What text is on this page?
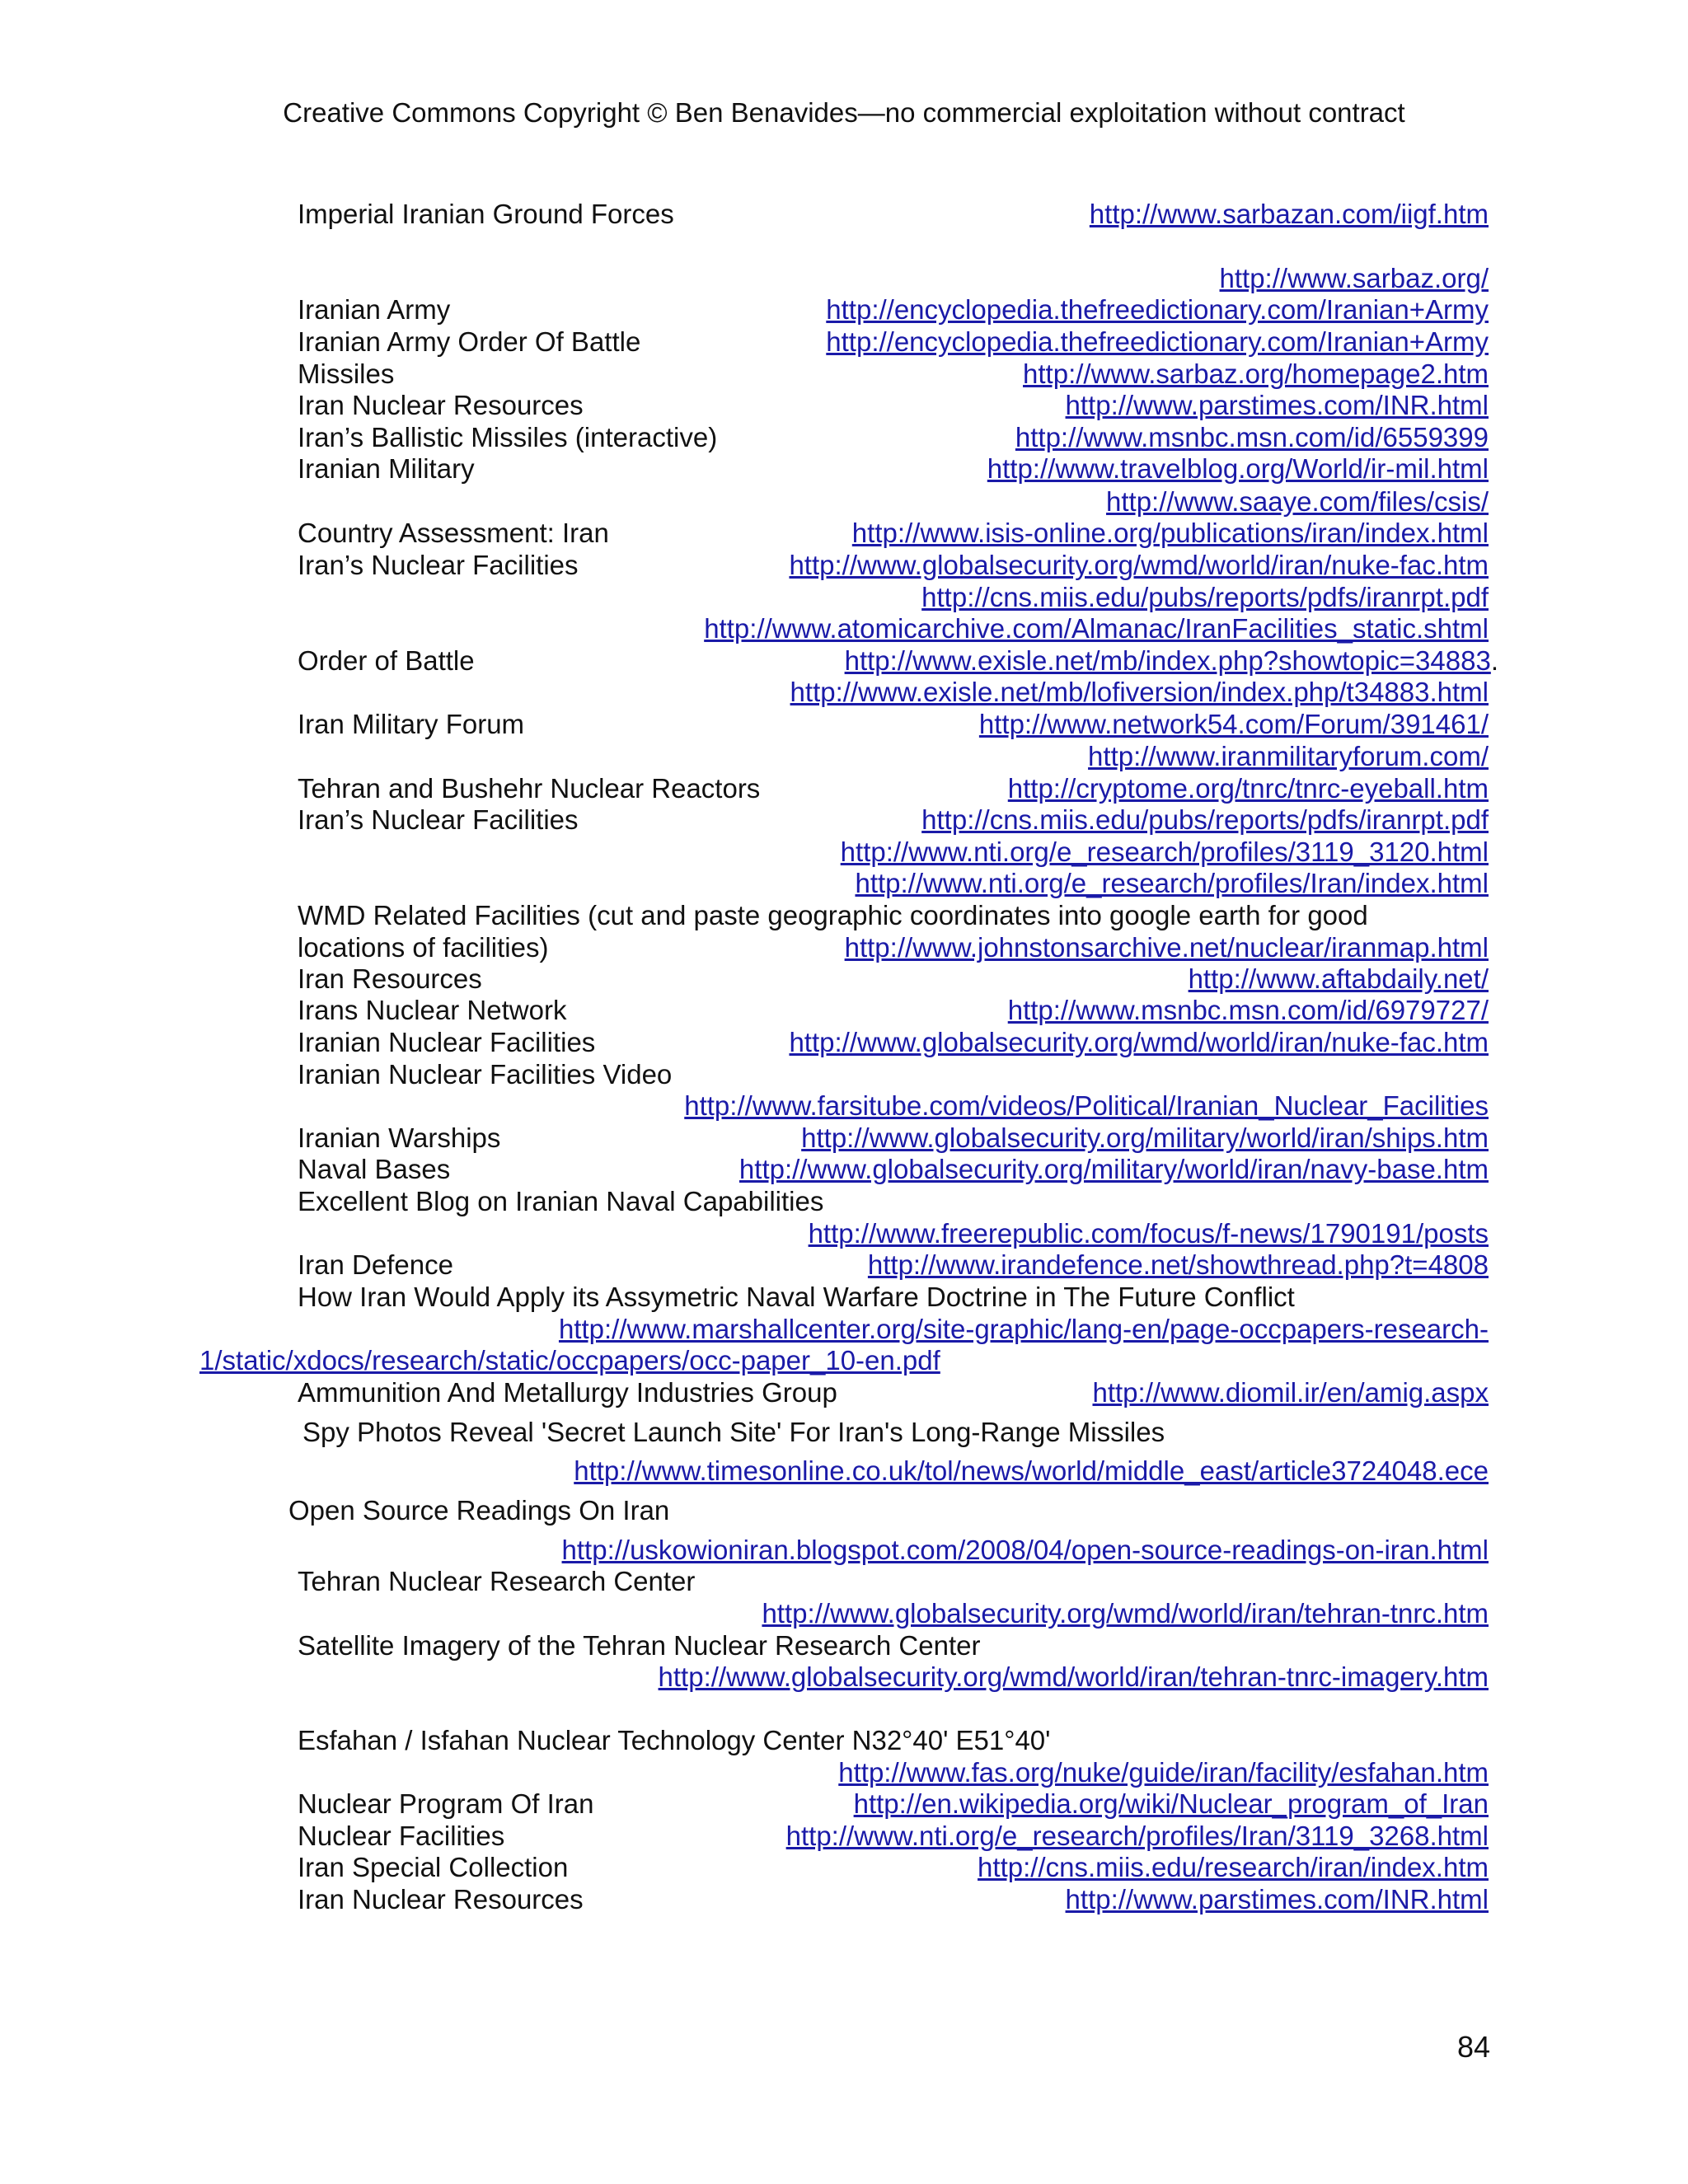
Creative Commons Copyright © Ben Benavides—no commercial exploitation without contract
Imperial Iranian Ground Forces	http://www.sarbazan.com/iigf.htm
http://www.sarbaz.org/
Iranian Army	http://encyclopedia.thefreedictionary.com/Iranian+Army
Iranian Army Order Of Battle	http://encyclopedia.thefreedictionary.com/Iranian+Army
Missiles	http://www.sarbaz.org/homepage2.htm
Iran Nuclear Resources	http://www.parstimes.com/INR.html
Iran’s Ballistic Missiles (interactive)	http://www.msnbc.msn.com/id/6559399
Iranian Military	http://www.travelblog.org/World/ir-mil.html
http://www.saaye.com/files/csis/
Country Assessment: Iran	http://www.isis-online.org/publications/iran/index.html
Iran’s Nuclear Facilities	http://www.globalsecurity.org/wmd/world/iran/nuke-fac.htm
http://cns.miis.edu/pubs/reports/pdfs/iranrpt.pdf
http://www.atomicarchive.com/Almanac/IranFacilities_static.shtml
Order of Battle	http://www.exisle.net/mb/index.php?showtopic=34883.
http://www.exisle.net/mb/lofiversion/index.php/t34883.html
Iran Military Forum	http://www.network54.com/Forum/391461/
http://www.iranmilitaryforum.com/
Tehran and Bushehr Nuclear Reactors	http://cryptome.org/tnrc/tnrc-eyeball.htm
Iran’s Nuclear Facilities	http://cns.miis.edu/pubs/reports/pdfs/iranrpt.pdf
http://www.nti.org/e_research/profiles/3119_3120.html
http://www.nti.org/e_research/profiles/Iran/index.html
WMD Related Facilities (cut and paste geographic coordinates into google earth for good
locations of facilities)	http://www.johnstonsarchive.net/nuclear/iranmap.html
Iran Resources	http://www.aftabdaily.net/
Irans Nuclear Network	http://www.msnbc.msn.com/id/6979727/
Iranian Nuclear Facilities	http://www.globalsecurity.org/wmd/world/iran/nuke-fac.htm
Iranian Nuclear Facilities Video
http://www.farsitube.com/videos/Political/Iranian_Nuclear_Facilities
Iranian Warships	http://www.globalsecurity.org/military/world/iran/ships.htm
Naval Bases	http://www.globalsecurity.org/military/world/iran/navy-base.htm
Excellent Blog on Iranian Naval Capabilities
http://www.freerepublic.com/focus/f-news/1790191/posts
Iran Defence	http://www.irandefence.net/showthread.php?t=4808
How Iran Would Apply its Assymetric Naval Warfare Doctrine in The Future Conflict
http://www.marshallcenter.org/site-graphic/lang-en/page-occpapers-research-
1/static/xdocs/research/static/occpapers/occ-paper_10-en.pdf
Ammunition And Metallurgy Industries Group	http://www.diomil.ir/en/amig.aspx
Spy Photos Reveal 'Secret Launch Site' For Iran's Long-Range Missiles
http://www.timesonline.co.uk/tol/news/world/middle_east/article3724048.ece
Open Source Readings On Iran
http://uskowioniran.blogspot.com/2008/04/open-source-readings-on-iran.html
Tehran Nuclear Research Center
http://www.globalsecurity.org/wmd/world/iran/tehran-tnrc.htm
Satellite Imagery of the Tehran Nuclear Research Center
http://www.globalsecurity.org/wmd/world/iran/tehran-tnrc-imagery.htm
Esfahan / Isfahan Nuclear Technology Center N32°40' E51°40'
http://www.fas.org/nuke/guide/iran/facility/esfahan.htm
Nuclear Program Of Iran	http://en.wikipedia.org/wiki/Nuclear_program_of_Iran
Nuclear Facilities	http://www.nti.org/e_research/profiles/Iran/3119_3268.html
Iran Special Collection	http://cns.miis.edu/research/iran/index.htm
Iran Nuclear Resources	http://www.parstimes.com/INR.html
84
